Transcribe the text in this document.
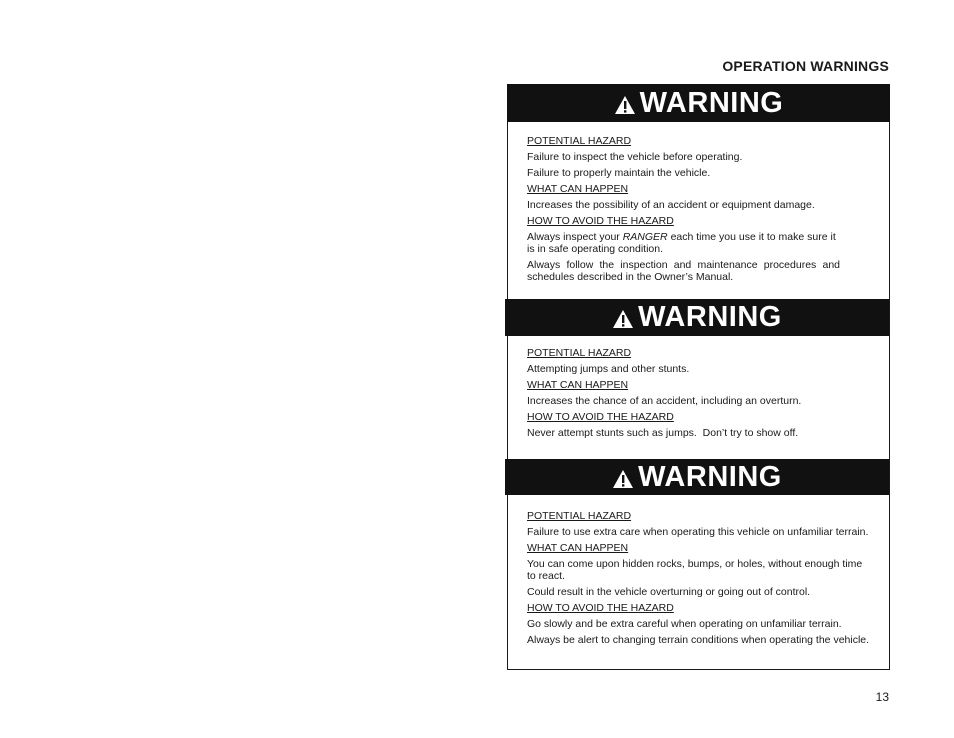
OPERATION WARNINGS
WARNING

POTENTIAL HAZARD

Failure to inspect the vehicle before operating.

Failure to properly maintain the vehicle.

WHAT CAN HAPPEN

Increases the possibility of an accident or equipment damage.

HOW TO AVOID THE HAZARD

Always inspect your RANGER each time you use it to make sure it is in safe operating condition.

Always follow the inspection and maintenance procedures and schedules described in the Owner’s Manual.

WARNING

POTENTIAL HAZARD

Attempting jumps and other stunts.

WHAT CAN HAPPEN

Increases the chance of an accident, including an overturn.

HOW TO AVOID THE HAZARD

Never attempt stunts such as jumps.  Don’t try to show off.

WARNING

POTENTIAL HAZARD

Failure to use extra care when operating this vehicle on unfamiliar terrain.

WHAT CAN HAPPEN

You can come upon hidden rocks, bumps, or holes, without enough time to react.

Could result in the vehicle overturning or going out of control.

HOW TO AVOID THE HAZARD

Go slowly and be extra careful when operating on unfamiliar terrain.

Always be alert to changing terrain conditions when operating the vehicle.

13
